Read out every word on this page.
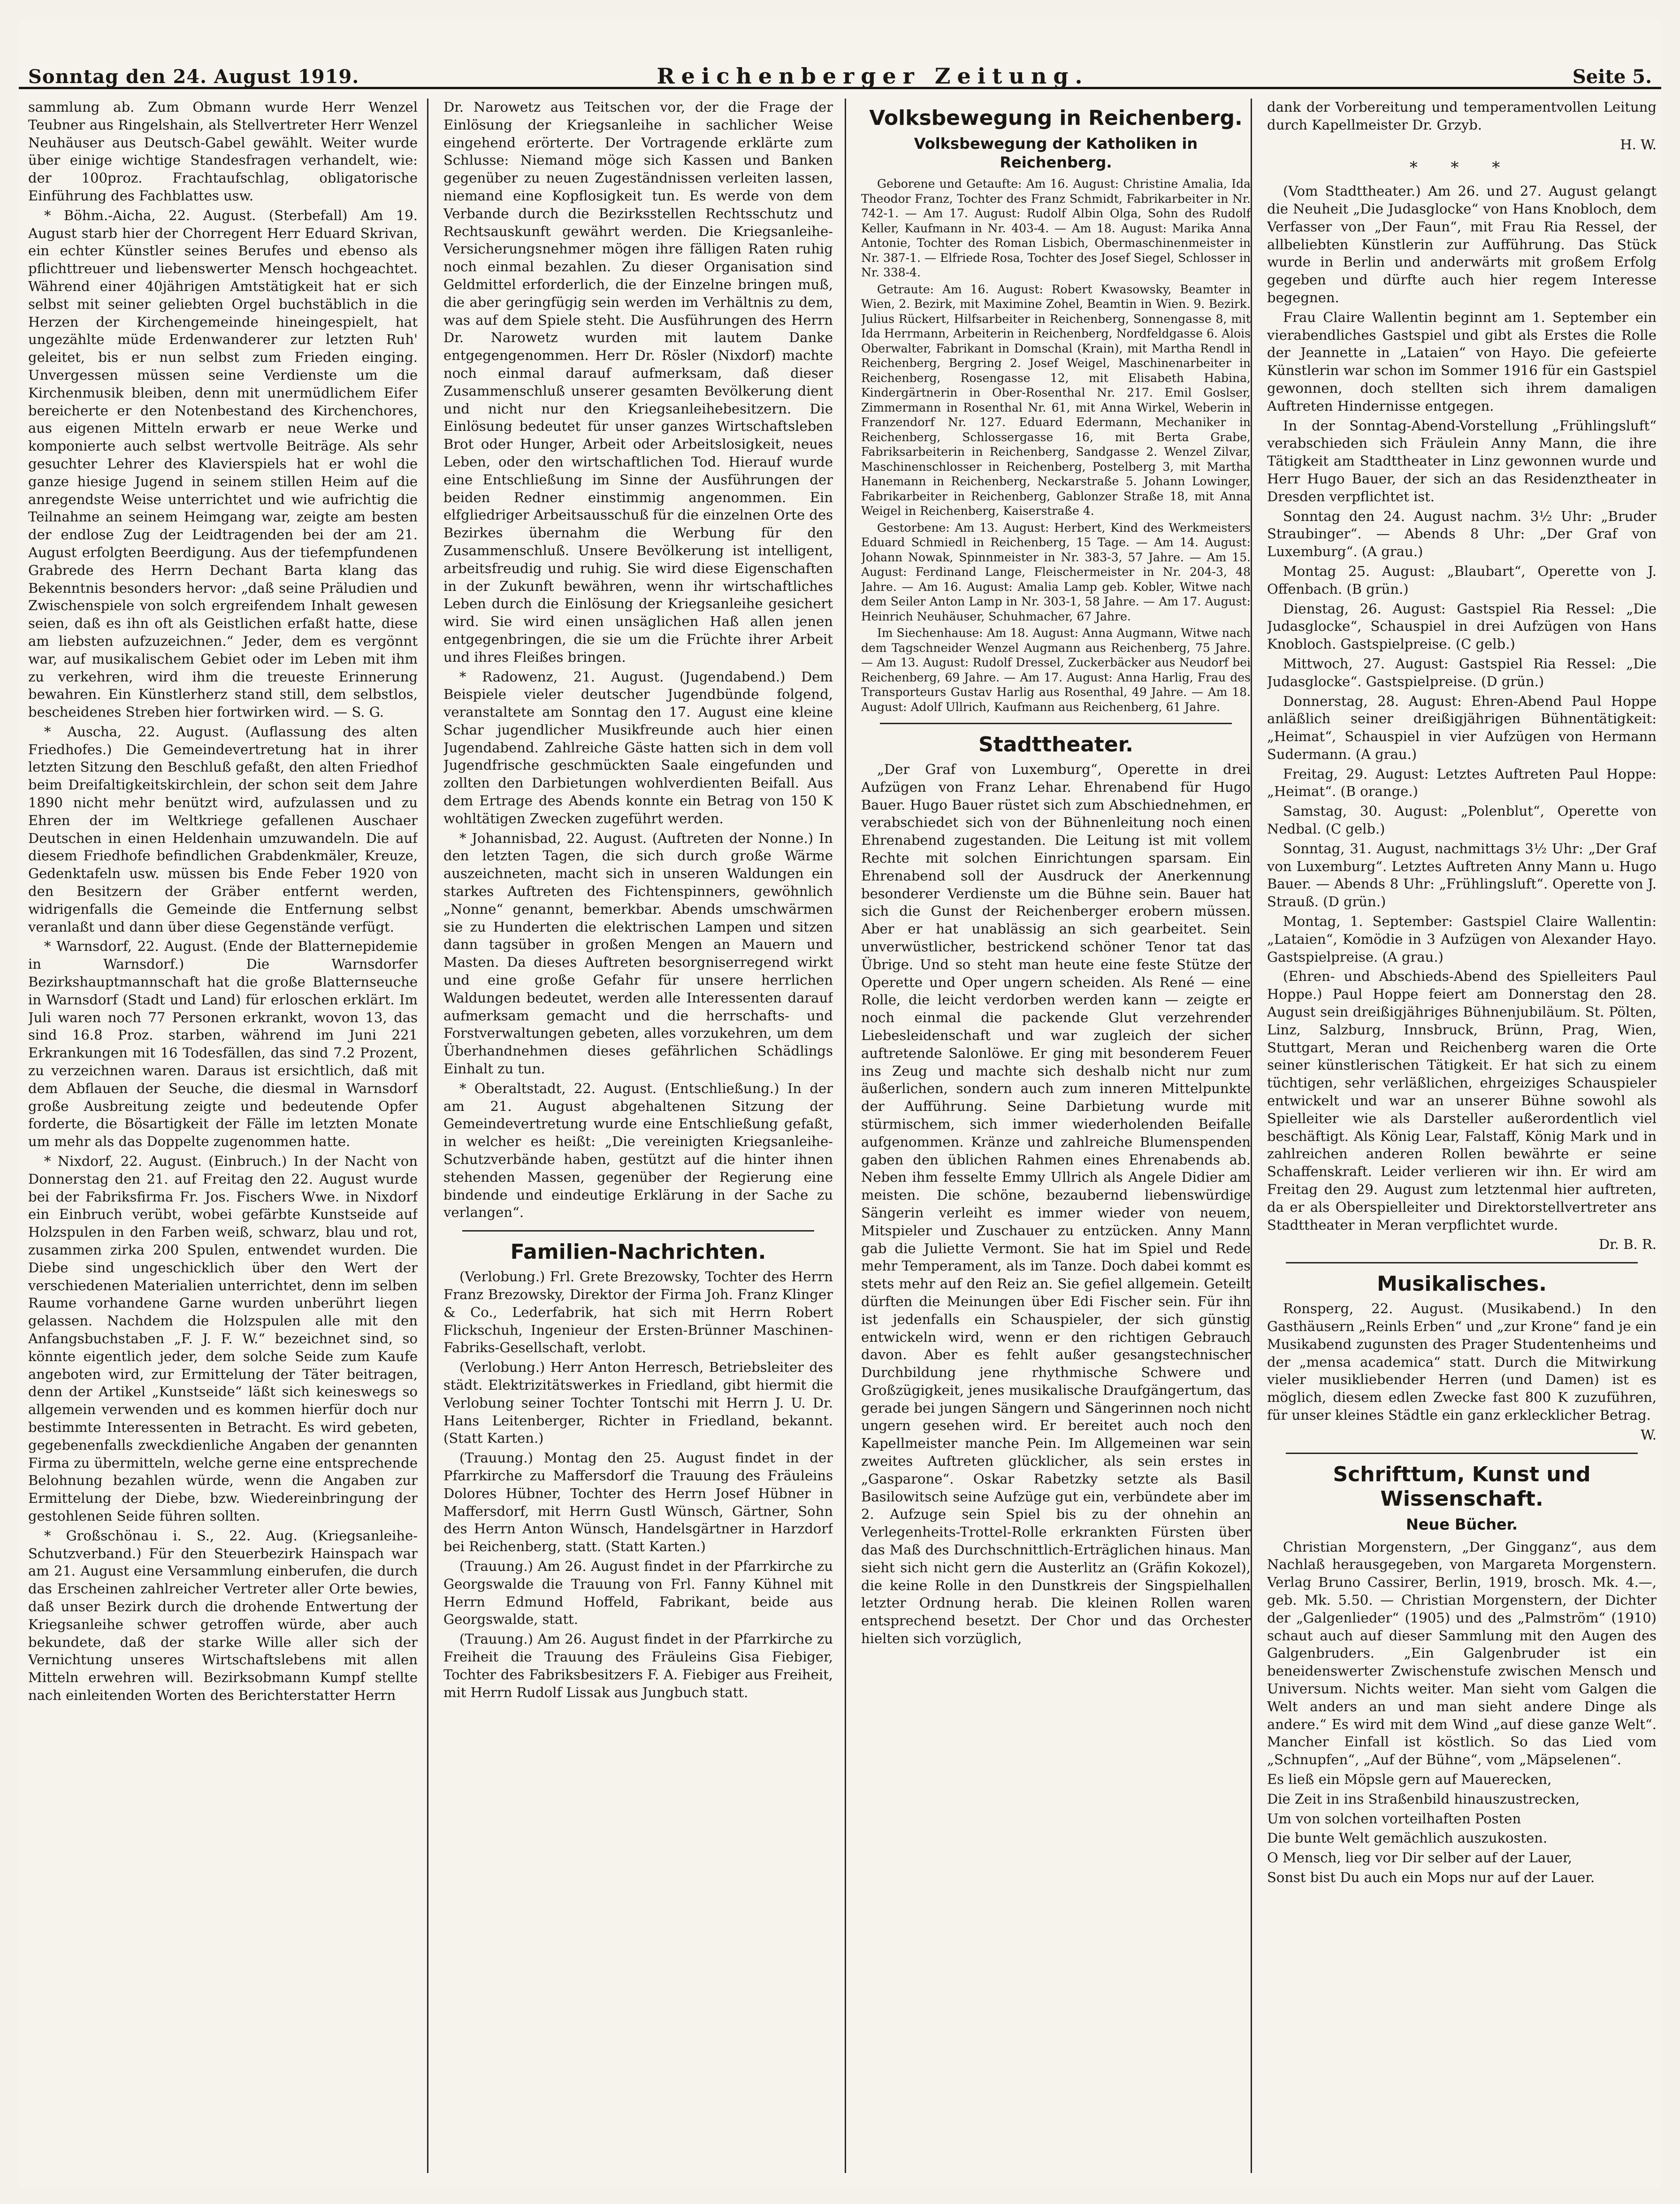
Sonntag den 24. August 1919.	Reichenberger Zeitung.	Seite 5.

sammlung ab. Zum Obmann wurde Herr Wenzel Teubner aus Ringelshain, als Stellvertreter Herr Wenzel Neuhäuser aus Deutsch-Gabel gewählt. Weiter wurde über einige wichtige Standesfragen verhandelt, wie: der 100proz. Frachtaufschlag, obligatorische Einführung des Fachblattes usw.

* Böhm.-Aicha, 22. August. (Sterbefall) Am 19. August starb hier der Chorregent Herr Eduard Skrivan, ein echter Künstler seines Berufes und ebenso als pflichttreuer und liebenswerter Mensch hochgeachtet. Während einer 40jährigen Amtstätigkeit hat er sich selbst mit seiner geliebten Orgel buchstäblich in die Herzen der Kirchengemeinde hineingespielt, hat ungezählte müde Erdenwanderer zur letzten Ruh' geleitet, bis er nun selbst zum Frieden einging. Unvergessen müssen seine Verdienste um die Kirchenmusik bleiben, denn mit unermüdlichem Eifer bereicherte er den Notenbestand des Kirchenchores, aus eigenen Mitteln erwarb er neue Werke und komponierte auch selbst wertvolle Beiträge. Als sehr gesuchter Lehrer des Klavierspiels hat er wohl die ganze hiesige Jugend in seinem stillen Heim auf die anregendste Weise unterrichtet und wie aufrichtig die Teilnahme an seinem Heimgang war, zeigte am besten der endlose Zug der Leidtragenden bei der am 21. August erfolgten Beerdigung. Aus der tiefempfundenen Grabrede des Herrn Dechant Barta klang das Bekenntnis besonders hervor: „daß seine Präludien und Zwischenspiele von solch ergreifendem Inhalt gewesen seien, daß es ihn oft als Geistlichen erfaßt hatte, diese am liebsten aufzuzeichnen.“ Jeder, dem es vergönnt war, auf musikalischem Gebiet oder im Leben mit ihm zu verkehren, wird ihm die treueste Erinnerung bewahren. Ein Künstlerherz stand still, dem selbstlos, bescheidenes Streben hier fortwirken wird. — S. G.

* Auscha, 22. August. (Auflassung des alten Friedhofes.) Die Gemeindevertretung hat in ihrer letzten Sitzung den Beschluß gefaßt, den alten Friedhof beim Dreifaltigkeitskirchlein, der schon seit dem Jahre 1890 nicht mehr benützt wird, aufzulassen und zu Ehren der im Weltkriege gefallenen Auschaer Deutschen in einen Heldenhain umzuwandeln. Die auf diesem Friedhofe befindlichen Grabdenkmäler, Kreuze, Gedenktafeln usw. müssen bis Ende Feber 1920 von den Besitzern der Gräber entfernt werden, widrigenfalls die Gemeinde die Entfernung selbst veranlaßt und dann über diese Gegenstände verfügt.

* Warnsdorf, 22. August. (Ende der Blatternepidemie in Warnsdorf.) Die Warnsdorfer Bezirkshauptmannschaft hat die große Blatternseuche in Warnsdorf (Stadt und Land) für erloschen erklärt. Im Juli waren noch 77 Personen erkrankt, wovon 13, das sind 16.8 Proz. starben, während im Juni 221 Erkrankungen mit 16 Todesfällen, das sind 7.2 Prozent, zu verzeichnen waren. Daraus ist ersichtlich, daß mit dem Abflauen der Seuche, die diesmal in Warnsdorf große Ausbreitung zeigte und bedeutende Opfer forderte, die Bösartigkeit der Fälle im letzten Monate um mehr als das Doppelte zugenommen hatte.

* Nixdorf, 22. August. (Einbruch.) In der Nacht von Donnerstag den 21. auf Freitag den 22. August wurde bei der Fabriksfirma Fr. Jos. Fischers Wwe. in Nixdorf ein Einbruch verübt, wobei gefärbte Kunstseide auf Holzspulen in den Farben weiß, schwarz, blau und rot, zusammen zirka 200 Spulen, entwendet wurden. Die Diebe sind ungeschicklich über den Wert der verschiedenen Materialien unterrichtet, denn im selben Raume vorhandene Garne wurden unberührt liegen gelassen. Nachdem die Holzspulen alle mit den Anfangsbuchstaben „F. J. F. W.“ bezeichnet sind, so könnte eigentlich jeder, dem solche Seide zum Kaufe angeboten wird, zur Ermittelung der Täter beitragen, denn der Artikel „Kunstseide“ läßt sich keineswegs so allgemein verwenden und es kommen hierfür doch nur bestimmte Interessenten in Betracht. Es wird gebeten, gegebenenfalls zweckdienliche Angaben der genannten Firma zu übermitteln, welche gerne eine entsprechende Belohnung bezahlen würde, wenn die Angaben zur Ermittelung der Diebe, bzw. Wiedereinbringung der gestohlenen Seide führen sollten.

* Großschönau i. S., 22. Aug. (Kriegsanleihe-Schutzverband.) Für den Steuerbezirk Hainspach war am 21. August eine Versammlung einberufen, die durch das Erscheinen zahlreicher Vertreter aller Orte bewies, daß unser Bezirk durch die drohende Entwertung der Kriegsanleihe schwer getroffen würde, aber auch bekundete, daß der starke Wille aller sich der Vernichtung unseres Wirtschaftslebens mit allen Mitteln erwehren will. Bezirksobmann Kumpf stellte nach einleitenden Worten des Berichterstatter Herrn

Dr. Narowetz aus Teitschen vor, der die Frage der Einlösung der Kriegsanleihe in sachlicher Weise eingehend erörterte. Der Vortragende erklärte zum Schlusse: Niemand möge sich Kassen und Banken gegenüber zu neuen Zugeständnissen verleiten lassen, niemand eine Kopflosigkeit tun. Es werde von dem Verbande durch die Bezirksstellen Rechtsschutz und Rechtsauskunft gewährt werden. Die Kriegsanleihe-Versicherungsnehmer mögen ihre fälligen Raten ruhig noch einmal bezahlen. Zu dieser Organisation sind Geldmittel erforderlich, die der Einzelne bringen muß, die aber geringfügig sein werden im Verhältnis zu dem, was auf dem Spiele steht. Die Ausführungen des Herrn Dr. Narowetz wurden mit lautem Danke entgegengenommen. Herr Dr. Rösler (Nixdorf) machte noch einmal darauf aufmerksam, daß dieser Zusammenschluß unserer gesamten Bevölkerung dient und nicht nur den Kriegsanleihebesitzern. Die Einlösung bedeutet für unser ganzes Wirtschaftsleben Brot oder Hunger, Arbeit oder Arbeitslosigkeit, neues Leben, oder den wirtschaftlichen Tod. Hierauf wurde eine Entschließung im Sinne der Ausführungen der beiden Redner einstimmig angenommen. Ein elfgliedriger Arbeitsausschuß für die einzelnen Orte des Bezirkes übernahm die Werbung für den Zusammenschluß. Unsere Bevölkerung ist intelligent, arbeitsfreudig und ruhig. Sie wird diese Eigenschaften in der Zukunft bewähren, wenn ihr wirtschaftliches Leben durch die Einlösung der Kriegsanleihe gesichert wird. Sie wird einen unsäglichen Haß allen jenen entgegenbringen, die sie um die Früchte ihrer Arbeit und ihres Fleißes bringen.

* Radowenz, 21. August. (Jugendabend.) Dem Beispiele vieler deutscher Jugendbünde folgend, veranstaltete am Sonntag den 17. August eine kleine Schar jugendlicher Musikfreunde auch hier einen Jugendabend. Zahlreiche Gäste hatten sich in dem voll Jugendfrische geschmückten Saale eingefunden und zollten den Darbietungen wohlverdienten Beifall. Aus dem Ertrage des Abends konnte ein Betrag von 150 K wohltätigen Zwecken zugeführt werden.

* Johannisbad, 22. August. (Auftreten der Nonne.) In den letzten Tagen, die sich durch große Wärme auszeichneten, macht sich in unseren Waldungen ein starkes Auftreten des Fichtenspinners, gewöhnlich „Nonne“ genannt, bemerkbar. Abends umschwärmen sie zu Hunderten die elektrischen Lampen und sitzen dann tagsüber in großen Mengen an Mauern und Masten. Da dieses Auftreten besorgniserregend wirkt und eine große Gefahr für unsere herrlichen Waldungen bedeutet, werden alle Interessenten darauf aufmerksam gemacht und die herrschafts- und Forstverwaltungen gebeten, alles vorzukehren, um dem Überhandnehmen dieses gefährlichen Schädlings Einhalt zu tun.

* Oberaltstadt, 22. August. (Entschließung.) In der am 21. August abgehaltenen Sitzung der Gemeindevertretung wurde eine Entschließung gefaßt, in welcher es heißt: „Die vereinigten Kriegsanleihe-Schutzverbände haben, gestützt auf die hinter ihnen stehenden Massen, gegenüber der Regierung eine bindende und eindeutige Erklärung in der Sache zu verlangen“.

Familien-Nachrichten.

(Verlobung.) Frl. Grete Brezowsky, Tochter des Herrn Franz Brezowsky, Direktor der Firma Joh. Franz Klinger & Co., Lederfabrik, hat sich mit Herrn Robert Flickschuh, Ingenieur der Ersten-Brünner Maschinen-Fabriks-Gesellschaft, verlobt.

(Verlobung.) Herr Anton Herresch, Betriebsleiter des städt. Elektrizitätswerkes in Friedland, gibt hiermit die Verlobung seiner Tochter Tontschi mit Herrn J. U. Dr. Hans Leitenberger, Richter in Friedland, bekannt. (Statt Karten.)

(Trauung.) Montag den 25. August findet in der Pfarrkirche zu Maffersdorf die Trauung des Fräuleins Dolores Hübner, Tochter des Herrn Josef Hübner in Maffersdorf, mit Herrn Gustl Wünsch, Gärtner, Sohn des Herrn Anton Wünsch, Handelsgärtner in Harzdorf bei Reichenberg, statt. (Statt Karten.)

(Trauung.) Am 26. August findet in der Pfarrkirche zu Georgswalde die Trauung von Frl. Fanny Kühnel mit Herrn Edmund Hoffeld, Fabrikant, beide aus Georgswalde, statt.

(Trauung.) Am 26. August findet in der Pfarrkirche zu Freiheit die Trauung des Fräuleins Gisa Fiebiger, Tochter des Fabriksbesitzers F. A. Fiebiger aus Freiheit, mit Herrn Rudolf Lissak aus Jungbuch statt.

Volksbewegung in Reichenberg.
Volksbewegung der Katholiken in Reichenberg.

Geborene und Getaufte: Am 16. August: Christine Amalia, Ida Theodor Franz, Tochter des Franz Schmidt, Fabrikarbeiter in Nr. 742-1. — Am 17. August: Rudolf Albin Olga, Sohn des Rudolf Keller, Kaufmann in Nr. 403-4. — Am 18. August: Marika Anna Antonie, Tochter des Roman Lisbich, Obermaschinenmeister in Nr. 387-1. — Elfriede Rosa, Tochter des Josef Siegel, Schlosser in Nr. 338-4.

Getraute: Am 16. August: Robert Kwasowsky, Beamter in Wien, 2. Bezirk, mit Maximine Zohel, Beamtin in Wien. 9. Bezirk. Julius Rückert, Hilfsarbeiter in Reichenberg, Sonnengasse 8, mit Ida Herrmann, Arbeiterin in Reichenberg, Nordfeldgasse 6. Alois Oberwalter, Fabrikant in Domschal (Krain), mit Martha Rendl in Reichenberg, Bergring 2. Josef Weigel, Maschinenarbeiter in Reichenberg, Rosengasse 12, mit Elisabeth Habina, Kindergärtnerin in Ober-Rosenthal Nr. 217. Emil Goslser, Zimmermann in Rosenthal Nr. 61, mit Anna Wirkel, Weberin in Franzendorf Nr. 127. Eduard Edermann, Mechaniker in Reichenberg, Schlossergasse 16, mit Berta Grabe, Fabriksarbeiterin in Reichenberg, Sandgasse 2. Wenzel Zilvar, Maschinenschlosser in Reichenberg, Postelberg 3, mit Martha Hanemann in Reichenberg, Neckarstraße 5. Johann Lowinger, Fabrikarbeiter in Reichenberg, Gablonzer Straße 18, mit Anna Weigel in Reichenberg, Kaiserstraße 4.

Gestorbene: Am 13. August: Herbert, Kind des Werkmeisters Eduard Schmiedl in Reichenberg, 15 Tage. — Am 14. August: Johann Nowak, Spinnmeister in Nr. 383-3, 57 Jahre. — Am 15. August: Ferdinand Lange, Fleischermeister in Nr. 204-3, 48 Jahre. — Am 16. August: Amalia Lamp geb. Kobler, Witwe nach dem Seiler Anton Lamp in Nr. 303-1, 58 Jahre. — Am 17. August: Heinrich Neuhäuser, Schuhmacher, 67 Jahre.

Im Siechenhause: Am 18. August: Anna Augmann, Witwe nach dem Tagschneider Wenzel Augmann aus Reichenberg, 75 Jahre. — Am 13. August: Rudolf Dressel, Zuckerbäcker aus Neudorf bei Reichenberg, 69 Jahre. — Am 17. August: Anna Harlig, Frau des Transporteurs Gustav Harlig aus Rosenthal, 49 Jahre. — Am 18. August: Adolf Ullrich, Kaufmann aus Reichenberg, 61 Jahre.

Stadttheater.

„Der Graf von Luxemburg“, Operette in drei Aufzügen von Franz Lehar. Ehrenabend für Hugo Bauer. Hugo Bauer rüstet sich zum Abschiednehmen, er verabschiedet sich von der Bühnenleitung noch einen Ehrenabend zugestanden. Die Leitung ist mit vollem Rechte mit solchen Einrichtungen sparsam. Ein Ehrenabend soll der Ausdruck der Anerkennung besonderer Verdienste um die Bühne sein. Bauer hat sich die Gunst der Reichenberger erobern müssen. Aber er hat unablässig an sich gearbeitet. Sein unverwüstlicher, bestrickend schöner Tenor tat das Übrige. Und so steht man heute eine feste Stütze der Operette und Oper ungern scheiden. Als René — eine Rolle, die leicht verdorben werden kann — zeigte er noch einmal die packende Glut verzehrender Liebesleidenschaft und war zugleich der sicher auftretende Salonlöwe. Er ging mit besonderem Feuer ins Zeug und machte sich deshalb nicht nur zum äußerlichen, sondern auch zum inneren Mittelpunkte der Aufführung. Seine Darbietung wurde mit stürmischem, sich immer wiederholenden Beifalle aufgenommen. Kränze und zahlreiche Blumenspenden gaben den üblichen Rahmen eines Ehrenabends ab. Neben ihm fesselte Emmy Ullrich als Angele Didier am meisten. Die schöne, bezaubernd liebenswürdige Sängerin verleiht es immer wieder von neuem, Mitspieler und Zuschauer zu entzücken. Anny Mann gab die Juliette Vermont. Sie hat im Spiel und Rede mehr Temperament, als im Tanze. Doch dabei kommt es stets mehr auf den Reiz an. Sie gefiel allgemein. Geteilt dürften die Meinungen über Edi Fischer sein. Für ihn ist jedenfalls ein Schauspieler, der sich günstig entwickeln wird, wenn er den richtigen Gebrauch davon. Aber es fehlt außer gesangstechnischer Durchbildung jene rhythmische Schwere und Großzügigkeit, jenes musikalische Draufgängertum, das gerade bei jungen Sängern und Sängerinnen noch nicht ungern gesehen wird. Er bereitet auch noch den Kapellmeister manche Pein. Im Allgemeinen war sein zweites Auftreten glücklicher, als sein erstes in „Gasparone“. Oskar Rabetzky setzte als Basil Basilowitsch seine Aufzüge gut ein, verbündete aber im 2. Aufzuge sein Spiel bis zu der ohnehin an Verlegenheits-Trottel-Rolle erkrankten Fürsten über das Maß des Durchschnittlich-Erträglichen hinaus. Man sieht sich nicht gern die Austerlitz an (Gräfin Kokozel), die keine Rolle in den Dunstkreis der Singspielhallen letzter Ordnung herab. Die kleinen Rollen waren entsprechend besetzt. Der Chor und das Orchester hielten sich vorzüglich,

dank der Vorbereitung und temperamentvollen Leitung durch Kapellmeister Dr. Grzyb.

H. W.

* * *

(Vom Stadttheater.) Am 26. und 27. August gelangt die Neuheit „Die Judasglocke“ von Hans Knobloch, dem Verfasser von „Der Faun“, mit Frau Ria Ressel, der allbeliebten Künstlerin zur Aufführung. Das Stück wurde in Berlin und anderwärts mit großem Erfolg gegeben und dürfte auch hier regem Interesse begegnen.

Frau Claire Wallentin beginnt am 1. September ein vierabendliches Gastspiel und gibt als Erstes die Rolle der Jeannette in „Lataien“ von Hayo. Die gefeierte Künstlerin war schon im Sommer 1916 für ein Gastspiel gewonnen, doch stellten sich ihrem damaligen Auftreten Hindernisse entgegen.

In der Sonntag-Abend-Vorstellung „Frühlingsluft“ verabschieden sich Fräulein Anny Mann, die ihre Tätigkeit am Stadttheater in Linz gewonnen wurde und Herr Hugo Bauer, der sich an das Residenztheater in Dresden verpflichtet ist.

Sonntag den 24. August nachm. 3½ Uhr: „Bruder Straubinger“. — Abends 8 Uhr: „Der Graf von Luxemburg“. (A grau.)

Montag 25. August: „Blaubart“, Operette von J. Offenbach. (B grün.)

Dienstag, 26. August: Gastspiel Ria Ressel: „Die Judasglocke“, Schauspiel in drei Aufzügen von Hans Knobloch. Gastspielpreise. (C gelb.)

Mittwoch, 27. August: Gastspiel Ria Ressel: „Die Judasglocke“. Gastspielpreise. (D grün.)

Donnerstag, 28. August: Ehren-Abend Paul Hoppe anläßlich seiner dreißigjährigen Bühnentätigkeit: „Heimat“, Schauspiel in vier Aufzügen von Hermann Sudermann. (A grau.)

Freitag, 29. August: Letztes Auftreten Paul Hoppe: „Heimat“. (B orange.)

Samstag, 30. August: „Polenblut“, Operette von Nedbal. (C gelb.)

Sonntag, 31. August, nachmittags 3½ Uhr: „Der Graf von Luxemburg“. Letztes Auftreten Anny Mann u. Hugo Bauer. — Abends 8 Uhr: „Frühlingsluft“. Operette von J. Strauß. (D grün.)

Montag, 1. September: Gastspiel Claire Wallentin: „Lataien“, Komödie in 3 Aufzügen von Alexander Hayo. Gastspielpreise. (A grau.)

(Ehren- und Abschieds-Abend des Spielleiters Paul Hoppe.) Paul Hoppe feiert am Donnerstag den 28. August sein dreißigjähriges Bühnenjubiläum. St. Pölten, Linz, Salzburg, Innsbruck, Brünn, Prag, Wien, Stuttgart, Meran und Reichenberg waren die Orte seiner künstlerischen Tätigkeit. Er hat sich zu einem tüchtigen, sehr verläßlichen, ehrgeiziges Schauspieler entwickelt und war an unserer Bühne sowohl als Spielleiter wie als Darsteller außerordentlich viel beschäftigt. Als König Lear, Falstaff, König Mark und in zahlreichen anderen Rollen bewährte er seine Schaffenskraft. Leider verlieren wir ihn. Er wird am Freitag den 29. August zum letztenmal hier auftreten, da er als Oberspielleiter und Direktorstellvertreter ans Stadttheater in Meran verpflichtet wurde.

Dr. B. R.

Musikalisches.

Ronsperg, 22. August. (Musikabend.) In den Gasthäusern „Reinls Erben“ und „zur Krone“ fand je ein Musikabend zugunsten des Prager Studentenheims und der „mensa academica“ statt. Durch die Mitwirkung vieler musikliebender Herren (und Damen) ist es möglich, diesem edlen Zwecke fast 800 K zuzuführen, für unser kleines Städtle ein ganz erklecklicher Betrag.

W.

Schrifttum, Kunst und Wissenschaft.
Neue Bücher.

Christian Morgenstern, „Der Gingganz“, aus dem Nachlaß herausgegeben, von Margareta Morgenstern. Verlag Bruno Cassirer, Berlin, 1919, brosch. Mk. 4.—, geb. Mk. 5.50. — Christian Morgenstern, der Dichter der „Galgenlieder“ (1905) und des „Palmström“ (1910) schaut auch auf dieser Sammlung mit den Augen des Galgenbruders. „Ein Galgenbruder ist ein beneidenswerter Zwischenstufe zwischen Mensch und Universum. Nichts weiter. Man sieht vom Galgen die Welt anders an und man sieht andere Dinge als andere.“ Es wird mit dem Wind „auf diese ganze Welt“. Mancher Einfall ist köstlich. So das Lied vom „Schnupfen“, „Auf der Bühne“, vom „Mäpselenen“.

Es ließ ein Möpsle gern auf Mauerecken,

Die Zeit in ins Straßenbild hinauszustrecken,

Um von solchen vorteilhaften Posten

Die bunte Welt gemächlich auszukosten.

O Mensch, lieg vor Dir selber auf der Lauer,

Sonst bist Du auch ein Mops nur auf der Lauer.
